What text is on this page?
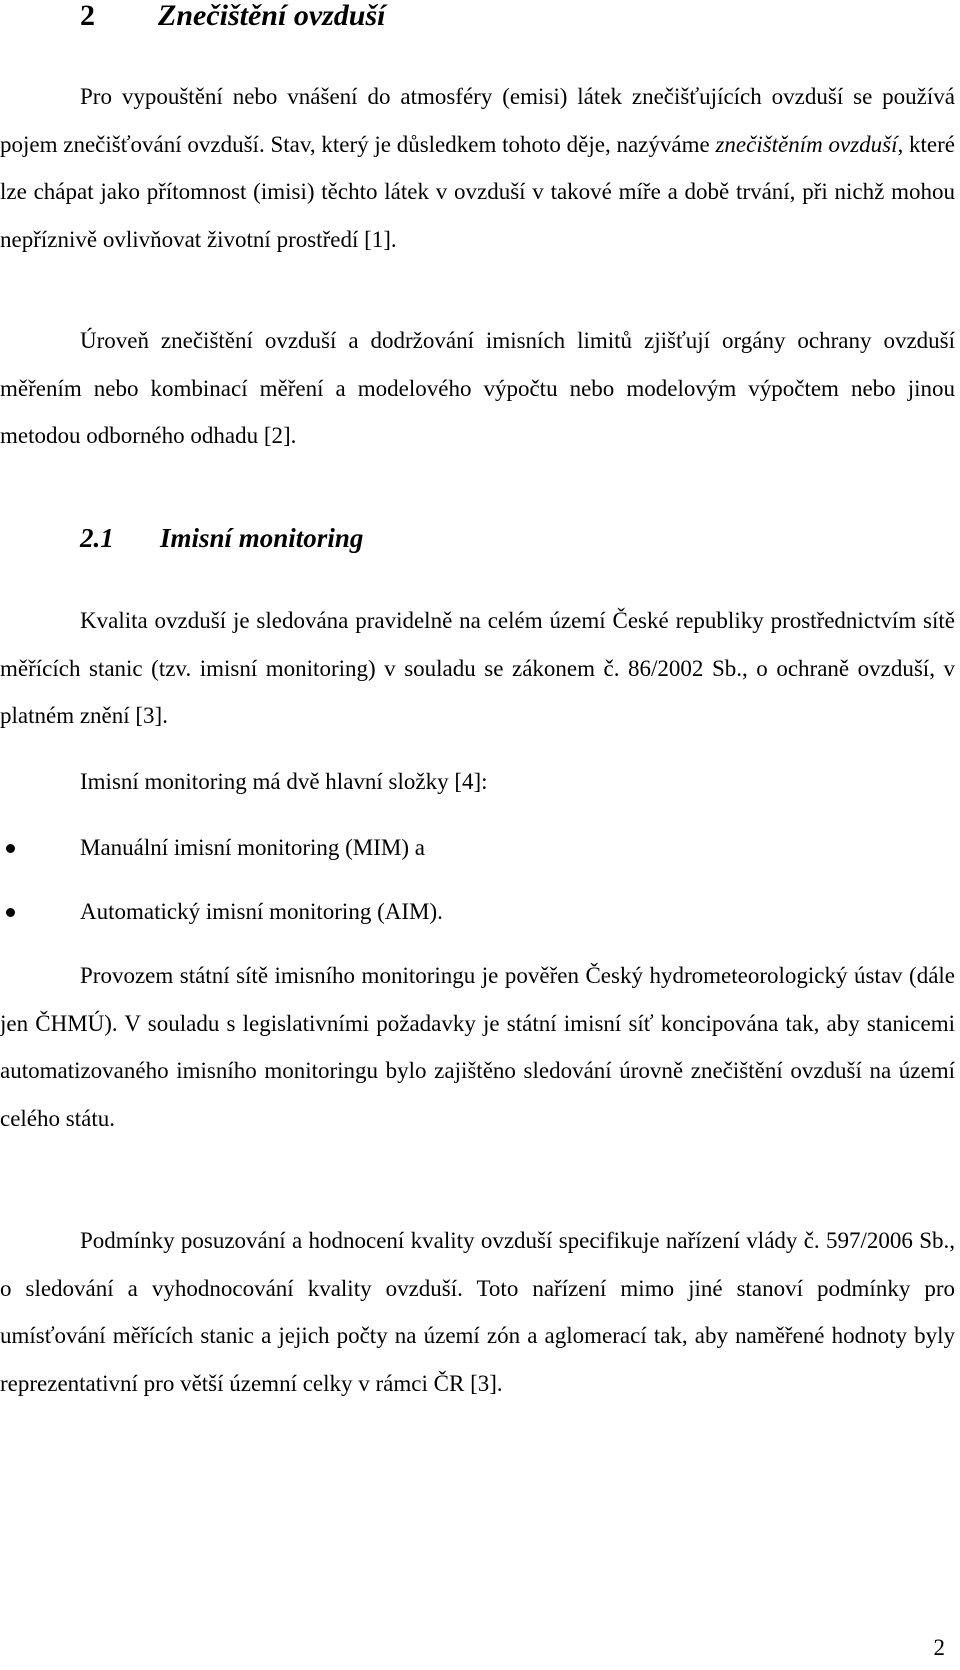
2 Znečištění ovzduší

Pro vypouštění nebo vnášení do atmosféry (emisi) látek znečišťujících ovzduší se používá pojem znečišťování ovzduší. Stav, který je důsledkem tohoto děje, nazýváme znečištěním ovzduší, které lze chápat jako přítomnost (imisi) těchto látek v ovzduší v takové míře a době trvání, při nichž mohou nepříznivě ovlivňovat životní prostředí [1].

Úroveň znečištění ovzduší a dodržování imisních limitů zjišťují orgány ochrany ovzduší měřením nebo kombinací měření a modelového výpočtu nebo modelovým výpočtem nebo jinou metodou odborného odhadu [2].

2.1 Imisní monitoring

Kvalita ovzduší je sledována pravidelně na celém území České republiky prostřednictvím sítě měřících stanic (tzv. imisní monitoring) v souladu se zákonem č. 86/2002 Sb., o ochraně ovzduší, v platném znění [3].

Imisní monitoring má dvě hlavní složky [4]:

Manuální imisní monitoring (MIM) a
Automatický imisní monitoring (AIM).

Provozem státní sítě imisního monitoringu je pověřen Český hydrometeorologický ústav (dále jen ČHMÚ). V souladu s legislativními požadavky je státní imisní síť koncipována tak, aby stanicemi automatizovaného imisního monitoringu bylo zajištěno sledování úrovně znečištění ovzduší na území celého státu.

Podmínky posuzování a hodnocení kvality ovzduší specifikuje nařízení vlády č. 597/2006 Sb., o sledování a vyhodnocování kvality ovzduší. Toto nařízení mimo jiné stanoví podmínky pro umísťování měřících stanic a jejich počty na území zón a aglomerací tak, aby naměřené hodnoty byly reprezentativní pro větší územní celky v rámci ČR [3].

2
